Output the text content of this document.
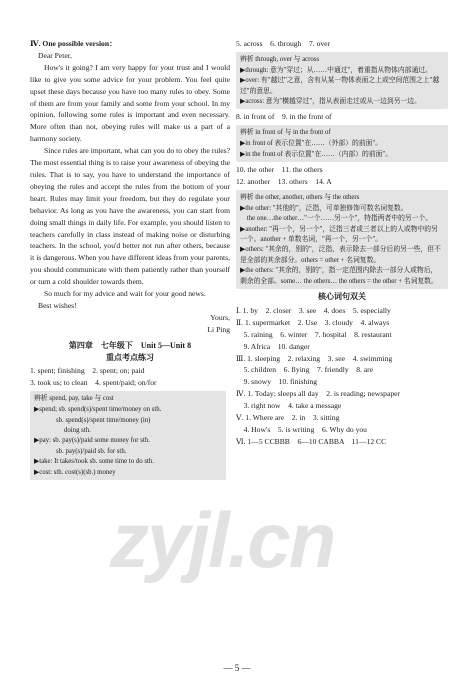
Ⅳ. One possible version：

Dear Peter,

How's it going? I am very happy for your trust and I would like to give you some advice for your problem. You feel quite upset these days because you have too many rules to obey. Some of them are from your family and some from your school. In my opinion, following some rules is important and even necessary. More often than not, obeying rules will make us a part of a harmony society.

Since rules are important, what can you do to obey the rules? The most essential thing is to raise your awareness of obeying the rules. That is to say, you have to understand the importance of obeying the rules and accept the rules from the bottom of your heart. Rules may limit your freedom, but they do regulate your behavior. As long as you have the awareness, you can start from doing small things in daily life. For example, you should listen to teachers carefully in class instead of making noise or disturbing teachers. In the school, you'd better not run after others, because it is dangerous. When you have different ideas from your parents, you should communicate with them patiently rather than yourself or turn a cold shoulder towards them.

So much for my advice and wait for your good news.

Best wishes!

Yours,

Li Ping

第四章　七年级下　Unit 5—Unit 8

重点考点练习

1. spent; finishing　2. spent; on; paid

3. took us; to clean　4. spent/paid; on/for

辨析 spend, pay, take 与 cost

▶spend; sb. spend(s)/spent time/money on sth.

sb. spend(s)/spent time/money (in)

doing sth.

▶pay: sb. pay(s)/paid some money for sth.

sb. pay(s)/paid sb. for sth.

▶take: It takes/took sb. some time to do sth.

▶cost: sth. cost(s)(sb.) money

5. across　6. through　7. over

辨析 through, over 与 across

▶through: 意为"穿过；从……中通过"，着重指从物体内部通过。

▶over: 有"越过"之意，含有从某一物体表面之上或空间范围之上"越过"的意思。

▶across: 意为"横越穿过"，指从表面走过或从一边到另一边。

8. in front of　9. in the front of

辨析 in front of 与 in the front of

▶in front of 表示位置"在……（外部）的前面"。

▶in the front of 表示位置"在……（内部）的前面"。

10. the other　11. the others

12. another　13. others　14. A

辨析 the other, another, others 与 the others

▶the other: "其他的"，泛指，可单独修饰可数名词复数。

　the one…the other…"一个……另一个"，特指两者中的另一个。

▶another: "再一个，另一个"，泛指三者或三者以上的人或物中的另一个。another + 单数名词，"再一个，另一个"。

▶others: "其余的，别的"，泛指，表示除去一部分后的另一些，但不是全部的其余部分。others = other + 名词复数。

▶the others: "其余的，别的"，指一定范围内除去一部分人或物后，剩余的全部。some… the others… the others = the other + 名词复数。

核心词句双关

Ⅰ. 1. by　2. closer　3. see　4. does　5. especially

Ⅱ. 1. supermarket　2. Use　3. cloudy　4. always

　5. raining　6. winter　7. hospital　8. restaurant

　9. Africa　10. danger

Ⅲ. 1. sleeping　2. relaxing　3. see　4. swimming

　5. children　6. flying　7. friendly　8. are

　9. snowy　10. finishing

Ⅳ. 1. Today; sleeps all day　2. is reading; newspaper

　3. right now　4. take a message

Ⅴ. 1. Where are　2. in　3. sitting

　4. How's　5. is writing　6. Why do you

Ⅵ. 1—5 CCBBB　6—10 CABBA　11—12 CC

zyjl.cn
— 5 —
